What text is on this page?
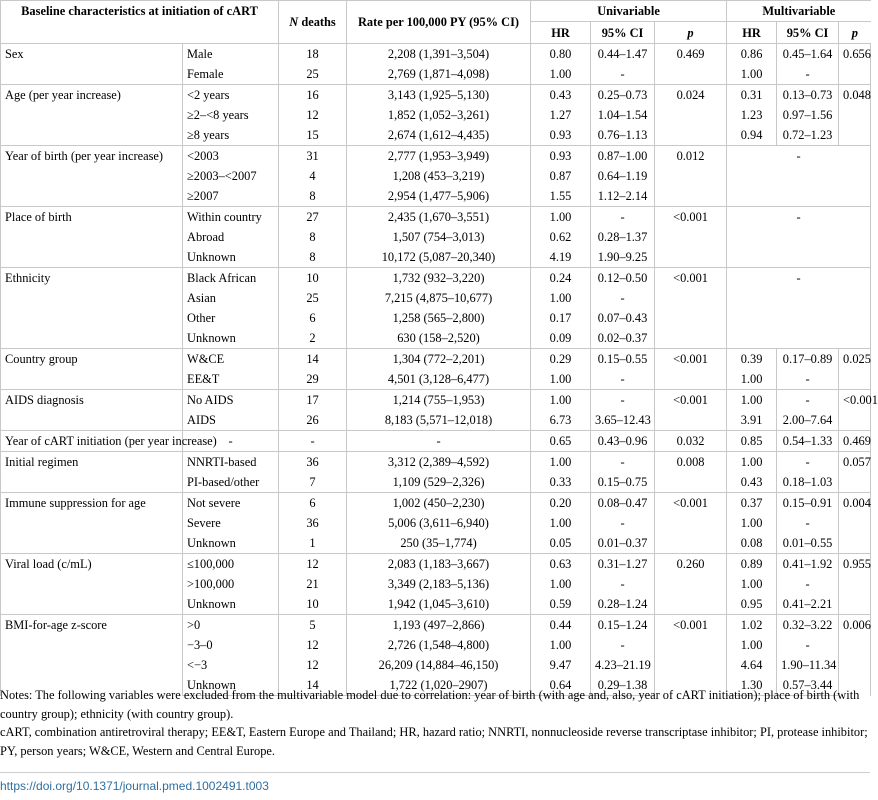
Baseline characteristics at initiation of cART		N deaths	Rate per 100,000 PY (95% CI)	Univariable			Multivariable		
				HR	95% CI	p	HR	95% CI	p
Sex	Male	18	2,208 (1,391–3,504)	0.80	0.44–1.47	0.469	0.86	0.45–1.64	0.656
	Female	25	2,769 (1,871–4,098)	1.00	-		1.00	-	
Age (per year increase)	<2 years	16	3,143 (1,925–5,130)	0.43	0.25–0.73	0.024	0.31	0.13–0.73	0.048
	≥2–<8 years	12	1,852 (1,052–3,261)	1.27	1.04–1.54		1.23	0.97–1.56	
	≥8 years	15	2,674 (1,612–4,435)	0.93	0.76–1.13		0.94	0.72–1.23	
Year of birth (per year increase)	<2003	31	2,777 (1,953–3,949)	0.93	0.87–1.00	0.012	-		
	≥2003–<2007	4	1,208 (453–3,219)	0.87	0.64–1.19				
	≥2007	8	2,954 (1,477–5,906)	1.55	1.12–2.14				
Place of birth	Within country	27	2,435 (1,670–3,551)	1.00	-	<0.001	-		
	Abroad	8	1,507 (754–3,013)	0.62	0.28–1.37				
	Unknown	8	10,172 (5,087–20,340)	4.19	1.90–9.25				
Ethnicity	Black African	10	1,732 (932–3,220)	0.24	0.12–0.50	<0.001	-		
	Asian	25	7,215 (4,875–10,677)	1.00	-				
	Other	6	1,258 (565–2,800)	0.17	0.07–0.43				
	Unknown	2	630 (158–2,520)	0.09	0.02–0.37				
Country group	W&CE	14	1,304 (772–2,201)	0.29	0.15–0.55	<0.001	0.39	0.17–0.89	0.025
	EE&T	29	4,501 (3,128–6,477)	1.00	-		1.00	-	
AIDS diagnosis	No AIDS	17	1,214 (755–1,953)	1.00	-	<0.001	1.00	-	<0.001
	AIDS	26	8,183 (5,571–12,018)	6.73	3.65–12.43		3.91	2.00–7.64	
Year of cART initiation (per year increase)	-	-	-	0.65	0.43–0.96	0.032	0.85	0.54–1.33	0.469
Initial regimen	NNRTI-based	36	3,312 (2,389–4,592)	1.00	-	0.008	1.00	-	0.057
	PI-based/other	7	1,109 (529–2,326)	0.33	0.15–0.75		0.43	0.18–1.03	
Immune suppression for age	Not severe	6	1,002 (450–2,230)	0.20	0.08–0.47	<0.001	0.37	0.15–0.91	0.004
	Severe	36	5,006 (3,611–6,940)	1.00	-		1.00	-	
	Unknown	1	250 (35–1,774)	0.05	0.01–0.37		0.08	0.01–0.55	
Viral load (c/mL)	≤100,000	12	2,083 (1,183–3,667)	0.63	0.31–1.27	0.260	0.89	0.41–1.92	0.955
	>100,000	21	3,349 (2,183–5,136)	1.00	-		1.00	-	
	Unknown	10	1,942 (1,045–3,610)	0.59	0.28–1.24		0.95	0.41–2.21	
BMI-for-age z-score	>0	5	1,193 (497–2,866)	0.44	0.15–1.24	<0.001	1.02	0.32–3.22	0.006
	−3–0	12	2,726 (1,548–4,800)	1.00	-		1.00	-	
	<−3	12	26,209 (14,884–46,150)	9.47	4.23–21.19		4.64	1.90–11.34	
	Unknown	14	1,722 (1,020–2907)	0.64	0.29–1.38		1.30	0.57–3.44	

Notes: The following variables were excluded from the multivariable model due to correlation: year of birth (with age and, also, year of cART initiation); place of birth (with country group); ethnicity (with country group).

cART, combination antiretroviral therapy; EE&T, Eastern Europe and Thailand; HR, hazard ratio; NNRTI, nonnucleoside reverse transcriptase inhibitor; PI, protease inhibitor; PY, person years; W&CE, Western and Central Europe.

https://doi.org/10.1371/journal.pmed.1002491.t003
